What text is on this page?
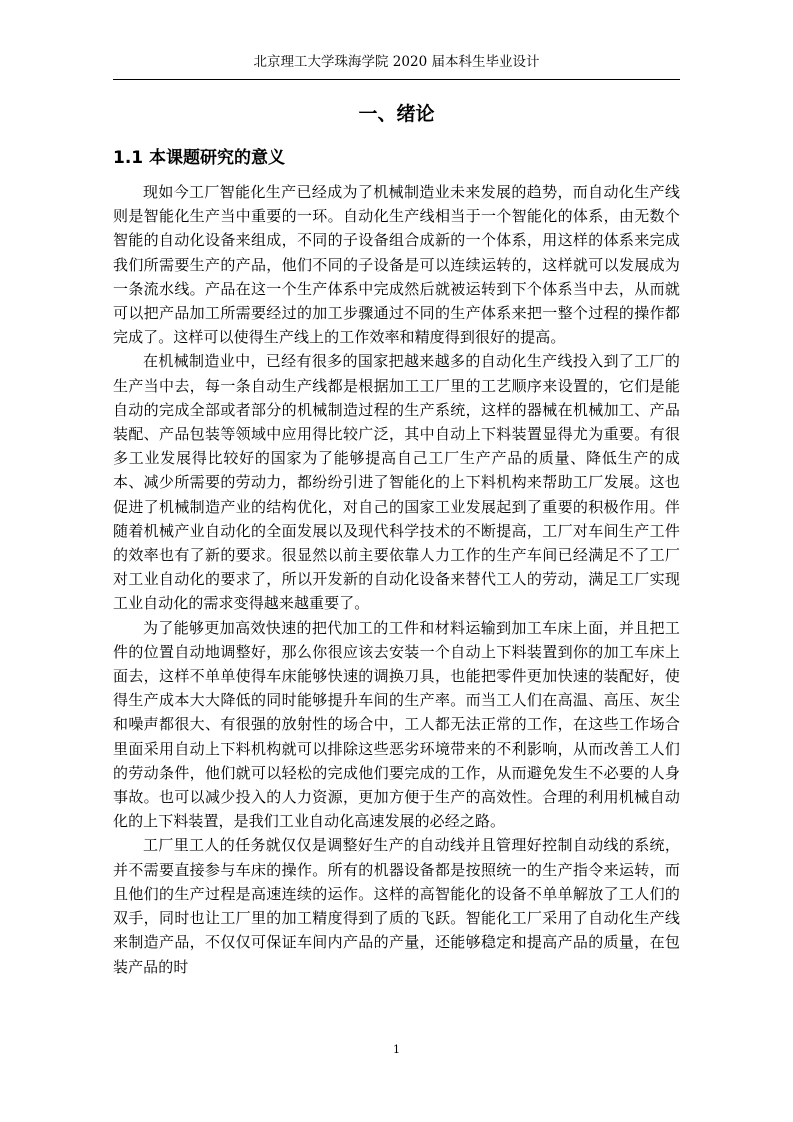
北京理工大学珠海学院 2020 届本科生毕业设计
一、绪论
1.1 本课题研究的意义

现如今工厂智能化生产已经成为了机械制造业未来发展的趋势，而自动化生产线则是智能化生产当中重要的一环。自动化生产线相当于一个智能化的体系，由无数个智能的自动化设备来组成，不同的子设备组合成新的一个体系，用这样的体系来完成我们所需要生产的产品，他们不同的子设备是可以连续运转的，这样就可以发展成为一条流水线。产品在这一个生产体系中完成然后就被运转到下个体系当中去，从而就可以把产品加工所需要经过的加工步骤通过不同的生产体系来把一整个过程的操作都完成了。这样可以使得生产线上的工作效率和精度得到很好的提高。

在机械制造业中，已经有很多的国家把越来越多的自动化生产线投入到了工厂的生产当中去，每一条自动生产线都是根据加工工厂里的工艺顺序来设置的，它们是能自动的完成全部或者部分的机械制造过程的生产系统，这样的器械在机械加工、产品装配、产品包装等领域中应用得比较广泛，其中自动上下料装置显得尤为重要。有很多工业发展得比较好的国家为了能够提高自己工厂生产产品的质量、降低生产的成本、减少所需要的劳动力，都纷纷引进了智能化的上下料机构来帮助工厂发展。这也促进了机械制造产业的结构优化，对自己的国家工业发展起到了重要的积极作用。伴随着机械产业自动化的全面发展以及现代科学技术的不断提高，工厂对车间生产工件的效率也有了新的要求。很显然以前主要依靠人力工作的生产车间已经满足不了工厂对工业自动化的要求了，所以开发新的自动化设备来替代工人的劳动，满足工厂实现工业自动化的需求变得越来越重要了。

为了能够更加高效快速的把代加工的工件和材料运输到加工车床上面，并且把工件的位置自动地调整好，那么你很应该去安装一个自动上下料装置到你的加工车床上面去，这样不单单使得车床能够快速的调换刀具，也能把零件更加快速的装配好，使得生产成本大大降低的同时能够提升车间的生产率。而当工人们在高温、高压、灰尘和噪声都很大、有很强的放射性的场合中，工人都无法正常的工作，在这些工作场合里面采用自动上下料机构就可以排除这些恶劣环境带来的不利影响，从而改善工人们的劳动条件，他们就可以轻松的完成他们要完成的工作，从而避免发生不必要的人身事故。也可以减少投入的人力资源，更加方便于生产的高效性。合理的利用机械自动化的上下料装置，是我们工业自动化高速发展的必经之路。

工厂里工人的任务就仅仅是调整好生产的自动线并且管理好控制自动线的系统，并不需要直接参与车床的操作。所有的机器设备都是按照统一的生产指令来运转，而且他们的生产过程是高速连续的运作。这样的高智能化的设备不单单解放了工人们的双手，同时也让工厂里的加工精度得到了质的飞跃。智能化工厂采用了自动化生产线来制造产品，不仅仅可保证车间内产品的产量，还能够稳定和提高产品的质量，在包装产品的时

1
